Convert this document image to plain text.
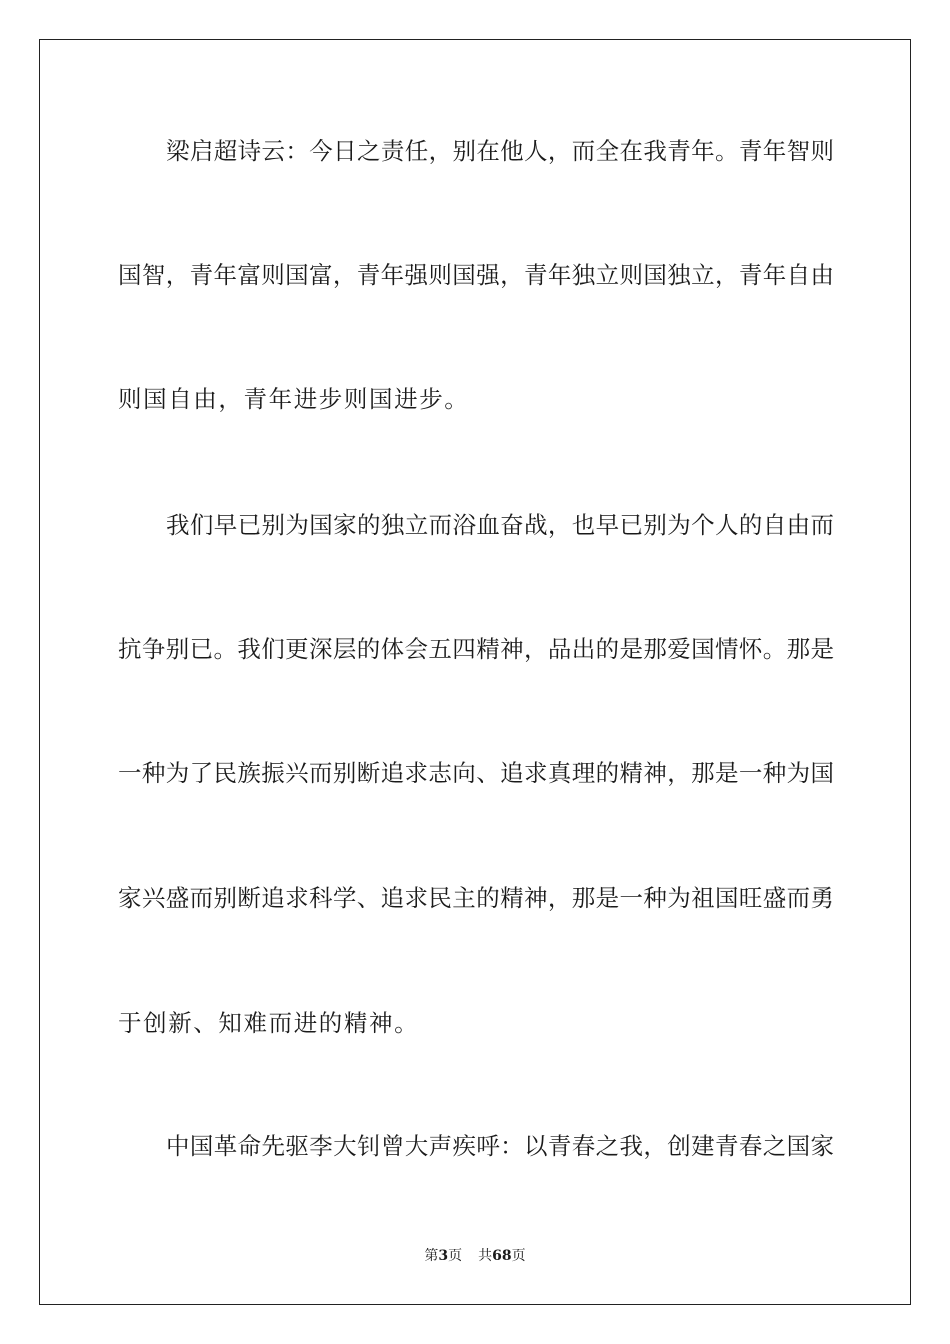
梁启超诗云：今日之责任，别在他人，而全在我青年。青年智则
国智，青年富则国富，青年强则国强，青年独立则国独立，青年自由
则国自由，青年进步则国进步。
我们早已别为国家的独立而浴血奋战，也早已别为个人的自由而
抗争别已。我们更深层的体会五四精神，品出的是那爱国情怀。那是
一种为了民族振兴而别断追求志向、追求真理的精神，那是一种为国
家兴盛而别断追求科学、追求民主的精神，那是一种为祖国旺盛而勇
于创新、知难而进的精神。
中国革命先驱李大钊曾大声疾呼：以青春之我，创建青春之国家
第3页 共68页
